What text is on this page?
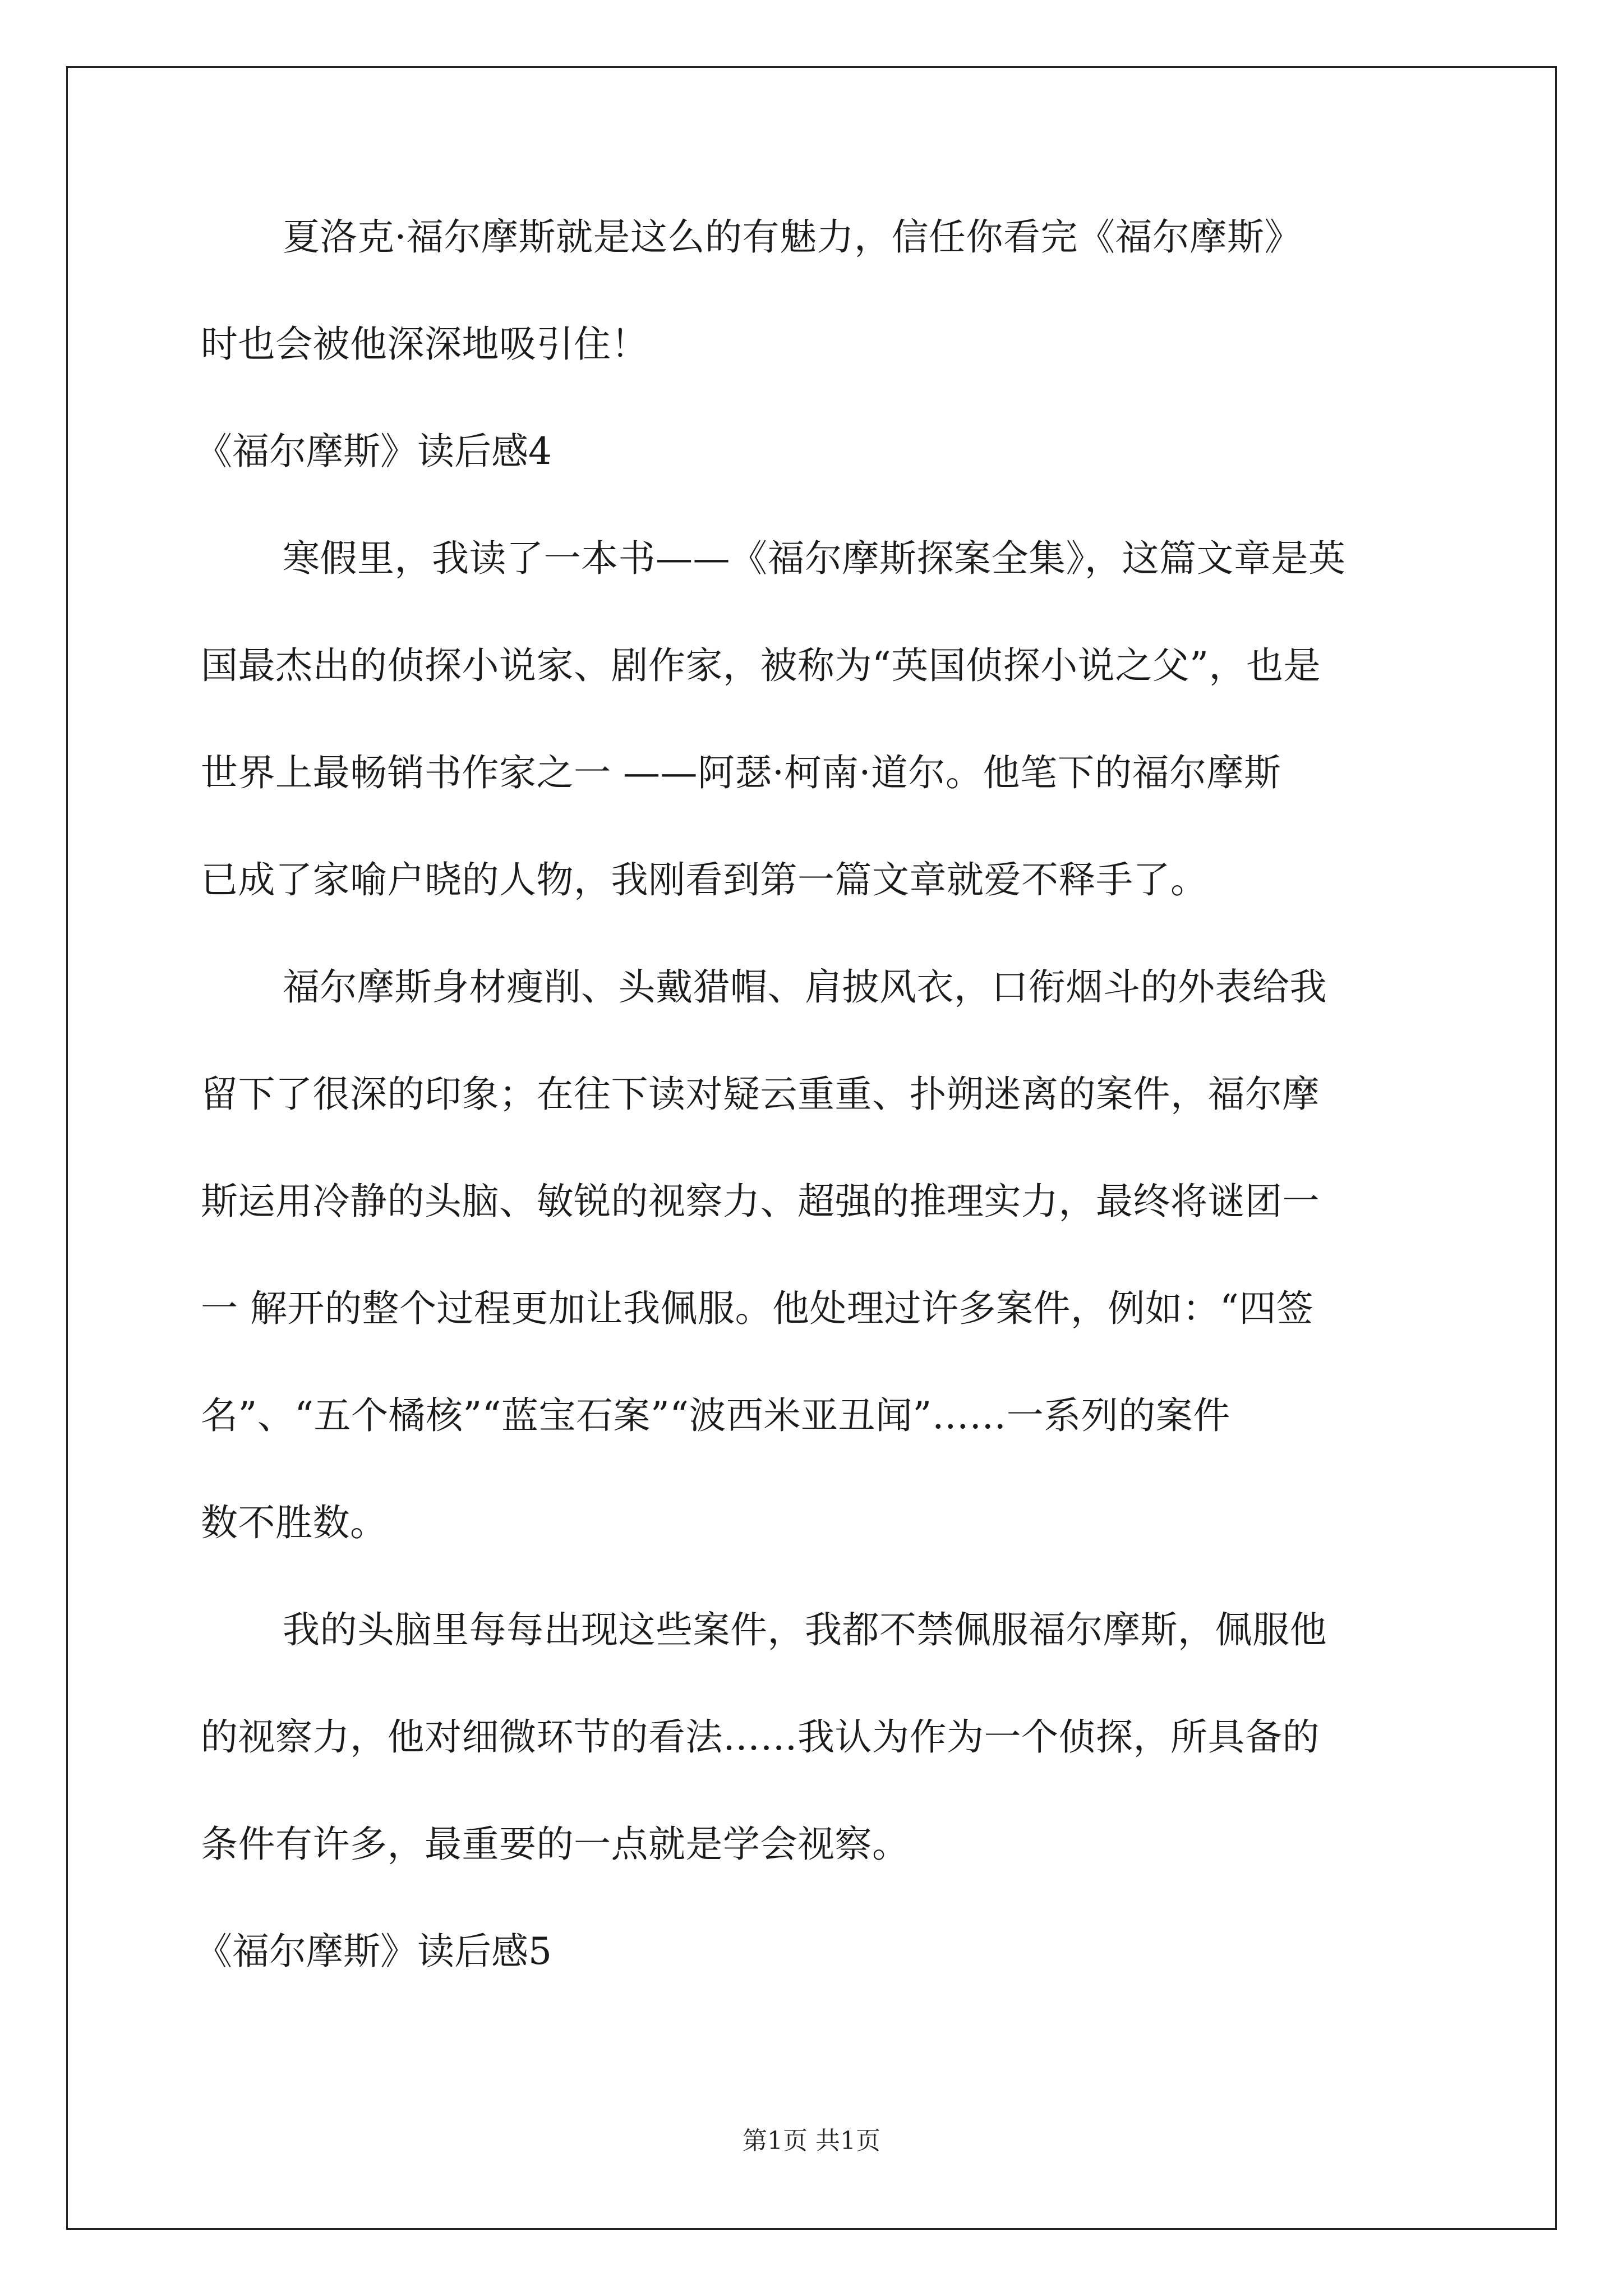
夏洛克·福尔摩斯就是这么的有魅力，信任你看完《福尔摩斯》
时也会被他深深地吸引住！
《福尔摩斯》读后感4
寒假里，我读了一本书——《福尔摩斯探案全集》，这篇文章是英
国最杰出的侦探小说家、剧作家，被称为“英国侦探小说之父”，也是
世界上最畅销书作家之一 ——阿瑟·柯南·道尔。他笔下的福尔摩斯
已成了家喻户晓的人物，我刚看到第一篇文章就爱不释手了。
福尔摩斯身材瘦削、头戴猎帽、肩披风衣，口衔烟斗的外表给我
留下了很深的印象；在往下读对疑云重重、扑朔迷离的案件，福尔摩
斯运用冷静的头脑、敏锐的视察力、超强的推理实力，最终将谜团一
一 解开的整个过程更加让我佩服。他处理过许多案件，例如：“四签
名”、“五个橘核”“蓝宝石案”“波西米亚丑闻”……一系列的案件
数不胜数。
我的头脑里每每出现这些案件，我都不禁佩服福尔摩斯，佩服他
的视察力，他对细微环节的看法……我认为作为一个侦探，所具备的
条件有许多，最重要的一点就是学会视察。
《福尔摩斯》读后感5
第1页 共1页
